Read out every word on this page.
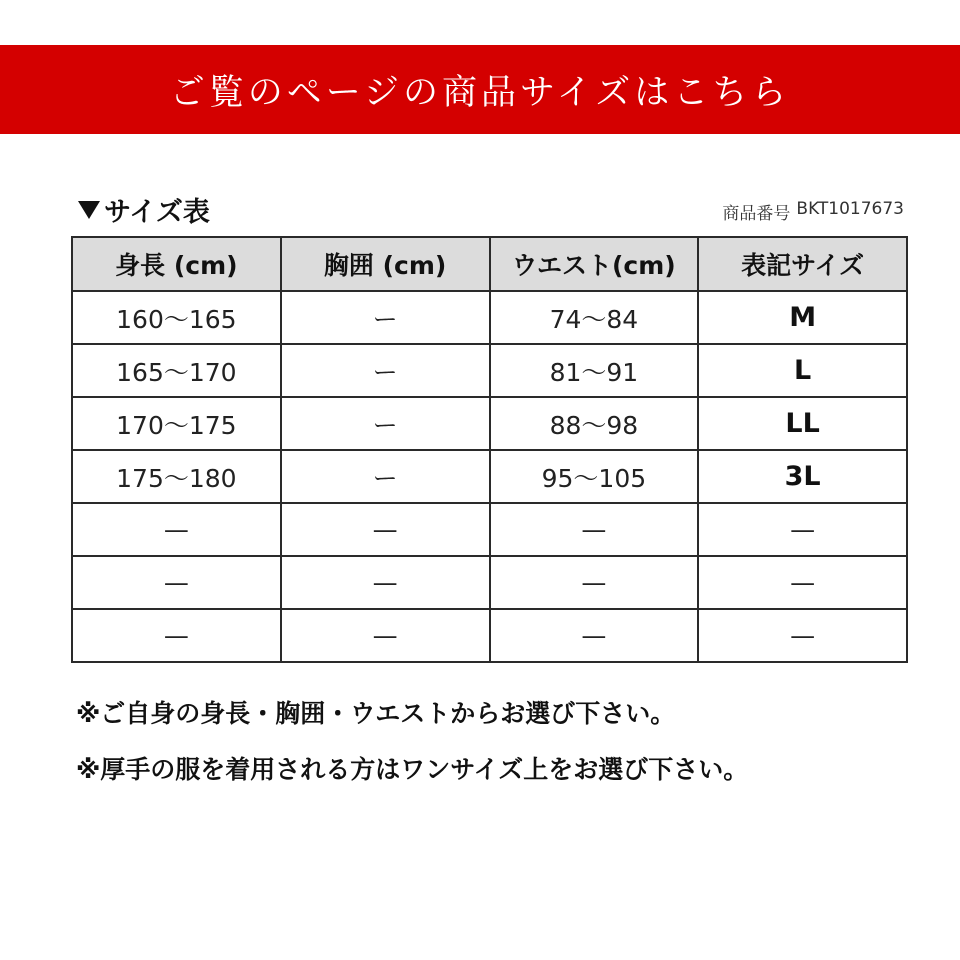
ご覧のページの商品サイズはこちら
サイズ表	商品番号 BKT1017673
身長 (cm)	胸囲 (cm)	ウエスト(cm)	表記サイズ
160〜165	ー	74〜84	M
165〜170	ー	81〜91	L
170〜175	ー	88〜98	LL
175〜180	ー	95〜105	3L
—	—	—	—
—	—	—	—
—	—	—	—
※ご自身の身長・胸囲・ウエストからお選び下さい。
※厚手の服を着用される方はワンサイズ上をお選び下さい。
